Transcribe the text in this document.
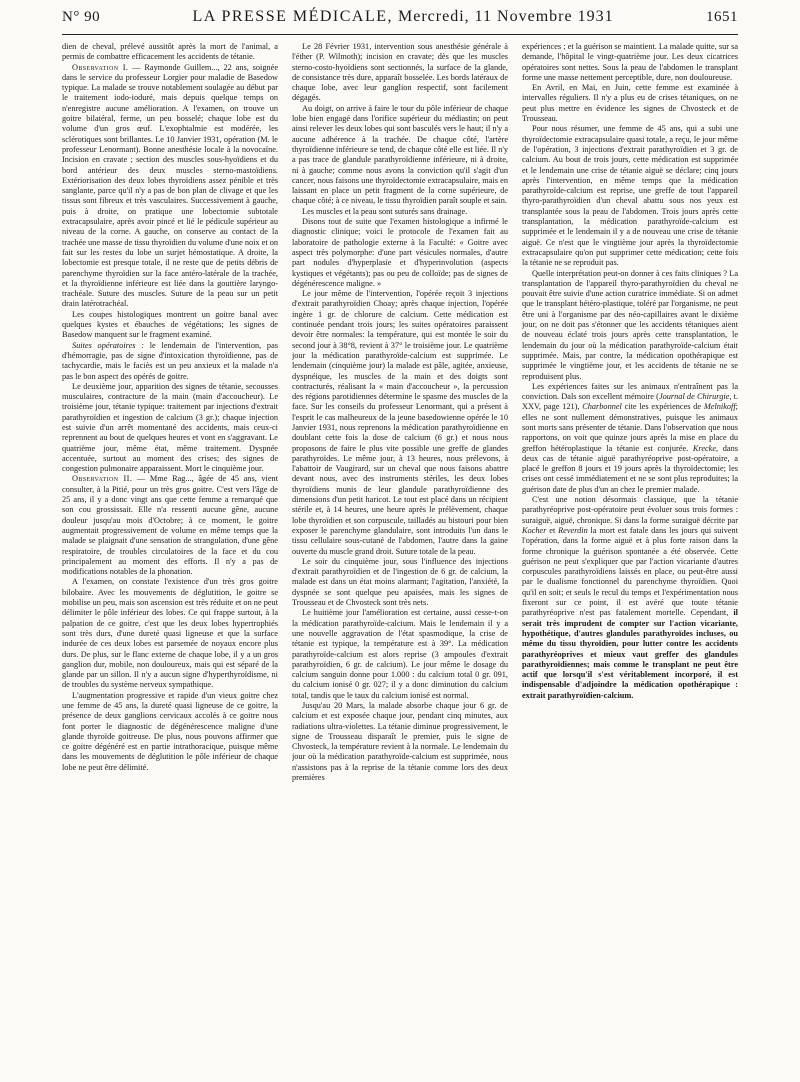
N° 90	LA PRESSE MÉDICALE, Mercredi, 11 Novembre 1931	1651

dien de cheval, prélevé aussitôt après la mort de l'animal, a permis de combattre efficacement les accidents de tétanie.

Observation I. — Raymonde Guillem..., 22 ans, soignée dans le service du professeur Lorgier pour maladie de Basedow typique. La malade se trouve notablement soulagée au début par le traitement iodo-ioduré, mais depuis quelque temps on n'enregistre aucune amélioration. A l'examen, on trouve un goitre bilatéral, ferme, un peu bosselé; chaque lobe est du volume d'un gros œuf. L'exophtalmie est modérée, les sclérotiques sont brillantes. Le 10 Janvier 1931, opération (M. le professeur Lenormant). Bonne anesthésie locale à la novocaïne. Incision en cravate ; section des muscles sous-hyoïdiens et du bord antérieur des deux muscles sterno-mastoïdiens. Extériorisation des deux lobes thyroïdiens assez pénible et très sanglante, parce qu'il n'y a pas de bon plan de clivage et que les tissus sont fibreux et très vasculaires. Successivement à gauche, puis à droite, on pratique une lobectomie subtotale extracapsulaire, après avoir pincé et lié le pédicule supérieur au niveau de la corne. A gauche, on conserve au contact de la trachée une masse de tissu thyroïdien du volume d'une noix et on fait sur les restes du lobe un surjet hémostatique. A droite, la lobectomie est presque totale, il ne reste que de petits débris de parenchyme thyroïdien sur la face antéro-latérale de la trachée, et la thyroïdienne inférieure est liée dans la gouttière laryngo-trachéale. Suture des muscles. Suture de la peau sur un petit drain latérotrachéal.

Les coupes histologiques montrent un goitre banal avec quelques kystes et ébauches de végétations; les signes de Basedow manquent sur le fragment examiné.

Suites opératoires : le lendemain de l'intervention, pas d'hémorragie, pas de signe d'intoxication thyroïdienne, pas de tachycardie, mais le faciès est un peu anxieux et la malade n'a pas le bon aspect des opérés de goitre.

Le deuxième jour, apparition des signes de tétanie, secousses musculaires, contracture de la main (main d'accoucheur). Le troisième jour, tétanie typique: traitement par injections d'extrait parathyroïdien et ingestion de calcium (3 gr.); chaque injection est suivie d'un arrêt momentané des accidents, mais ceux-ci reprennent au bout de quelques heures et vont en s'aggravant. Le quatrième jour, même état, même traitement. Dyspnée accentuée, surtout au moment des crises; des signes de congestion pulmonaire apparaissent. Mort le cinquième jour.

Observation II. — Mme Rag..., âgée de 45 ans, vient consulter, à la Pitié, pour un très gros goitre. C'est vers l'âge de 25 ans, il y a donc vingt ans que cette femme a remarqué que son cou grossissait. Elle n'a ressenti aucune gêne, aucune douleur jusqu'au mois d'Octobre; à ce moment, le goitre augmentait progressivement de volume en même temps que la malade se plaignait d'une sensation de strangulation, d'une gêne respiratoire, de troubles circulatoires de la face et du cou principalement au moment des efforts. Il n'y a pas de modifications notables de la phonation.

A l'examen, on constate l'existence d'un très gros goitre bilobaire. Avec les mouvements de déglutition, le goitre se mobilise un peu, mais son ascension est très réduite et on ne peut délimiter le pôle inférieur des lobes. Ce qui frappe surtout, à la palpation de ce goitre, c'est que les deux lobes hypertrophiés sont très durs, d'une dureté quasi ligneuse et que la surface indurée de ces deux lobes est parsemée de noyaux encore plus durs. De plus, sur le flanc externe de chaque lobe, il y a un gros ganglion dur, mobile, non douloureux, mais qui est séparé de la glande par un sillon. Il n'y a aucun signe d'hyperthyroïdisme, ni de troubles du système nerveux sympathique.

L'augmentation progressive et rapide d'un vieux goitre chez une femme de 45 ans, la dureté quasi ligneuse de ce goitre, la présence de deux ganglions cervicaux accolés à ce goitre nous font porter le diagnostic de dégénérescence maligne d'une glande thyroïde goitreuse. De plus, nous pouvons affirmer que ce goitre dégénéré est en partie intrathoracique, puisque même dans les mouvements de déglutition le pôle inférieur de chaque lobe ne peut être délimité.

Le 28 Février 1931, intervention sous anesthésie générale à l'éther (P. Wilmoth); incision en cravate; dès que les muscles sterno-costo-hyoïdiens sont sectionnés, la surface de la glande, de consistance très dure, apparaît bosselée. Les bords latéraux de chaque lobe, avec leur ganglion respectif, sont facilement dégagés.

Au doigt, on arrive à faire le tour du pôle inférieur de chaque lobe bien engagé dans l'orifice supérieur du médiastin; on peut ainsi relever les deux lobes qui sont basculés vers le haut; il n'y a aucune adhérence à la trachée. De chaque côté, l'artère thyroïdienne inférieure se tend, de chaque côté elle est liée. Il n'y a pas trace de glandule parathyroïdienne inférieure, ni à droite, ni à gauche; comme nous avons la conviction qu'il s'agit d'un cancer, nous faisons une thyroïdectomie extracapsulaire, mais en laissant en place un petit fragment de la corne supérieure, de chaque côté; à ce niveau, le tissu thyroïdien paraît souple et sain.

Les muscles et la peau sont suturés sans drainage.

Disons tout de suite que l'examen histologique a infirmé le diagnostic clinique; voici le protocole de l'examen fait au laboratoire de pathologie externe à la Faculté: « Goitre avec aspect très polymorphe: d'une part vésicules normales, d'autre part nodules d'hyperplasie et d'hyperinvolution (aspects kystiques et végétants); pas ou peu de colloïde; pas de signes de dégénérescence maligne. »

Le jour même de l'intervention, l'opérée reçoit 3 injections d'extrait parathyroïdien Choay; après chaque injection, l'opérée ingère 1 gr. de chlorure de calcium. Cette médication est continuée pendant trois jours; les suites opératoires paraissent devoir être normales: la température, qui est montée le soir du second jour à 38°8, revient à 37° le troisième jour. Le quatrième jour la médication parathyroïde-calcium est supprimée. Le lendemain (cinquième jour) la malade est pâle, agitée, anxieuse, dyspnéique, les muscles de la main et des doigts sont contracturés, réalisant la « main d'accoucheur », la percussion des régions parotidiennes détermine le spasme des muscles de la face. Sur les conseils du professeur Lenormant, qui a présent à l'esprit le cas malheureux de la jeune basedowienne opérée le 10 Janvier 1931, nous reprenons la médication parathyroïdienne en doublant cette fois la dose de calcium (6 gr.) et nous nous proposons de faire le plus vite possible une greffe de glandes parathyroïdes. Le même jour, à 13 heures, nous prélevons, à l'abattoir de Vaugirard, sur un cheval que nous faisons abattre devant nous, avec des instruments stériles, les deux lobes thyroïdiens munis de leur glandule parathyroïdienne des dimensions d'un petit haricot. Le tout est placé dans un récipient stérile et, à 14 heures, une heure après le prélèvement, chaque lobe thyroïdien et son corpuscule, tailladés au bistouri pour bien exposer le parenchyme glandulaire, sont introduits l'un dans le tissu cellulaire sous-cutané de l'abdomen, l'autre dans la gaine ouverte du muscle grand droit. Suture totale de la peau.

Le soir du cinquième jour, sous l'influence des injections d'extrait parathyroïdien et de l'ingestion de 6 gr. de calcium, la malade est dans un état moins alarmant; l'agitation, l'anxiété, la dyspnée se sont quelque peu apaisées, mais les signes de Trousseau et de Chvosteck sont très nets.

Le huitième jour l'amélioration est certaine, aussi cesse-t-on la médication parathyroïde-calcium. Mais le lendemain il y a une nouvelle aggravation de l'état spasmodique, la crise de tétanie est typique, la température est à 39°. La médication parathyroïde-calcium est alors reprise (3 ampoules d'extrait parathyroïdien, 6 gr. de calcium). Le jour même le dosage du calcium sanguin donne pour 1.000 : du calcium total 0 gr. 091, du calcium ionisé 0 gr. 027; il y a donc diminution du calcium total, tandis que le taux du calcium ionisé est normal.

Jusqu'au 20 Mars, la malade absorbe chaque jour 6 gr. de calcium et est exposée chaque jour, pendant cinq minutes, aux radiations ultra-violettes. La tétanie diminue progressivement, le signe de Trousseau disparaît le premier, puis le signe de Chvosteck, la température revient à la normale. Le lendemain du jour où la médication parathyroïde-calcium est supprimée, nous n'assistons pas à la reprise de la tétanie comme lors des deux premières

expériences ; et la guérison se maintient. La malade quitte, sur sa demande, l'hôpital le vingt-quatrième jour. Les deux cicatrices opératoires sont nettes. Sous la peau de l'abdomen le transplant forme une masse nettement perceptible, dure, non douloureuse.

En Avril, en Mai, en Juin, cette femme est examinée à intervalles réguliers. Il n'y a plus eu de crises tétaniques, on ne peut plus mettre en évidence les signes de Chvosteck et de Trousseau.

Pour nous résumer, une femme de 45 ans, qui a subi une thyroïdectomie extracapsulaire quasi totale, a reçu, le jour même de l'opération, 3 injections d'extrait parathyroïdien et 3 gr. de calcium. Au bout de trois jours, cette médication est supprimée et le lendemain une crise de tétanie aiguë se déclare; cinq jours après l'intervention, en même temps que la médication parathyroïde-calcium est reprise, une greffe de tout l'appareil thyro-parathyroïdien d'un cheval abattu sous nos yeux est transplantée sous la peau de l'abdomen. Trois jours après cette transplantation, la médication parathyroïde-calcium est supprimée et le lendemain il y a de nouveau une crise de tétanie aiguë. Ce n'est que le vingtième jour après la thyroïdectomie extracapsulaire qu'on put supprimer cette médication; cette fois la tétanie ne se reproduit pas.

Quelle interprétation peut-on donner à ces faits cliniques ? La transplantation de l'appareil thyro-parathyroïdien du cheval ne pouvait être suivie d'une action curatrice immédiate. Si on admet que le transplant hétéro-plastique, toléré par l'organisme, ne peut être uni à l'organisme par des néo-capillaires avant le dixième jour, on ne doit pas s'étonner que les accidents tétaniques aient de nouveau éclaté trois jours après cette transplantation, le lendemain du jour où la médication parathyroïde-calcium était supprimée. Mais, par contre, la médication opothérapique est supprimée le vingtième jour, et les accidents de tétanie ne se reproduisent plus.

Les expériences faites sur les animaux n'entraînent pas la conviction. Dals son excellent mémoire (Journal de Chirurgie, t. XXV, page 121), Charbonnel cite les expériences de Melnikoff; elles ne sont nullement démonstratives, puisque les animaux sont morts sans présenter de tétanie. Dans l'observation que nous rapportons, on voit que quinze jours après la mise en place du greffon hétéroplastique la tétanie est conjurée. Krecke, dans deux cas de tétanie aiguë parathyréoprive post-opératoire, a placé le greffon 8 jours et 19 jours après la thyroïdectomie; les crises ont cessé immédiatement et ne se sont plus reproduites; la guérison date de plus d'un an chez le premier malade.

C'est une notion désormais classique, que la tétanie parathyréoprive post-opératoire peut évoluer sous trois formes : suraiguë, aiguë, chronique. Si dans la forme suraiguë décrite par Kocher et Reverdin la mort est fatale dans les jours qui suivent l'opération, dans la forme aiguë et à plus forte raison dans la forme chronique la guérison spontanée a été observée. Cette guérison ne peut s'expliquer que par l'action vicariante d'autres corpuscules parathyroïdiens laissés en place, ou peut-être aussi par le dualisme fonctionnel du parenchyme thyroïdien. Quoi qu'il en soit; et seuls le recul du temps et l'expérimentation nous fixeront sur ce point, il est avéré que toute tétanie parathyréoprive n'est pas fatalement mortelle. Cependant, il serait très imprudent de compter sur l'action vicariante, hypothétique, d'autres glandules parathyroïdes incluses, ou même du tissu thyroïdien, pour lutter contre les accidents parathyréoprives et mieux vaut greffer des glandules parathyroïdiennes; mais comme le transplant ne peut être actif que lorsqu'il s'est véritablement incorporé, il est indispensable d'adjoindre la médication opothérapique : extrait parathyroïdien-calcium.
